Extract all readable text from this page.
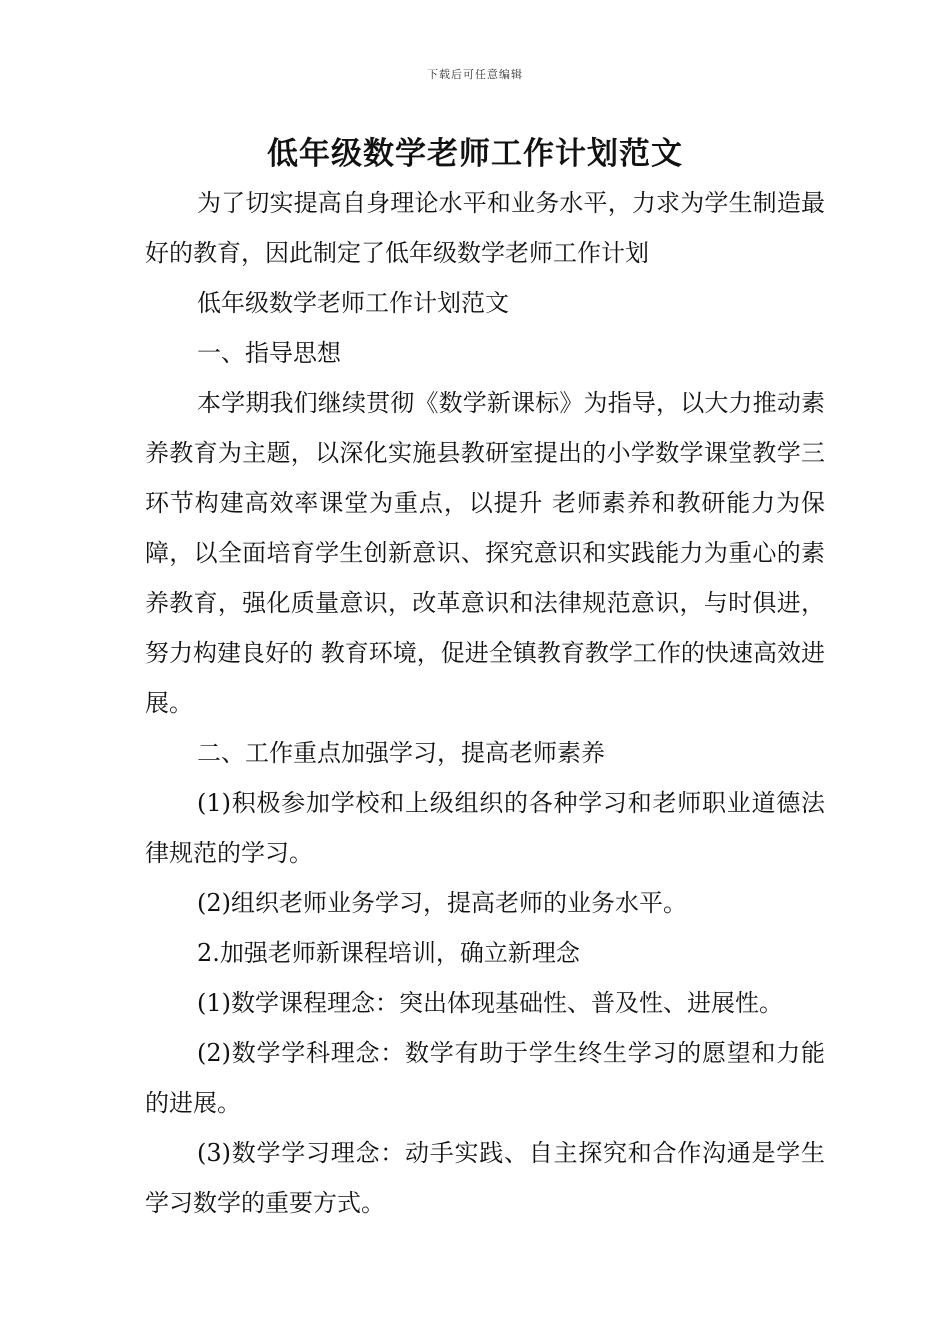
下载后可任意编辑
低年级数学老师工作计划范文

为了切实提高自身理论水平和业务水平，力求为学生制造最好的教育，因此制定了低年级数学老师工作计划

低年级数学老师工作计划范文

一、指导思想

本学期我们继续贯彻《数学新课标》为指导，以大力推动素养教育为主题，以深化实施县教研室提出的小学数学课堂教学三环节构建高效率课堂为重点，以提升 老师素养和教研能力为保障，以全面培育学生创新意识、探究意识和实践能力为重心的素养教育，强化质量意识，改革意识和法律规范意识，与时俱进，努力构建良好的 教育环境，促进全镇教育教学工作的快速高效进展。

二、工作重点加强学习，提高老师素养

(1)积极参加学校和上级组织的各种学习和老师职业道德法律规范的学习。

(2)组织老师业务学习，提高老师的业务水平。

2.加强老师新课程培训，确立新理念

(1)数学课程理念：突出体现基础性、普及性、进展性。

(2)数学学科理念：数学有助于学生终生学习的愿望和力能的进展。

(3)数学学习理念：动手实践、自主探究和合作沟通是学生学习数学的重要方式。
